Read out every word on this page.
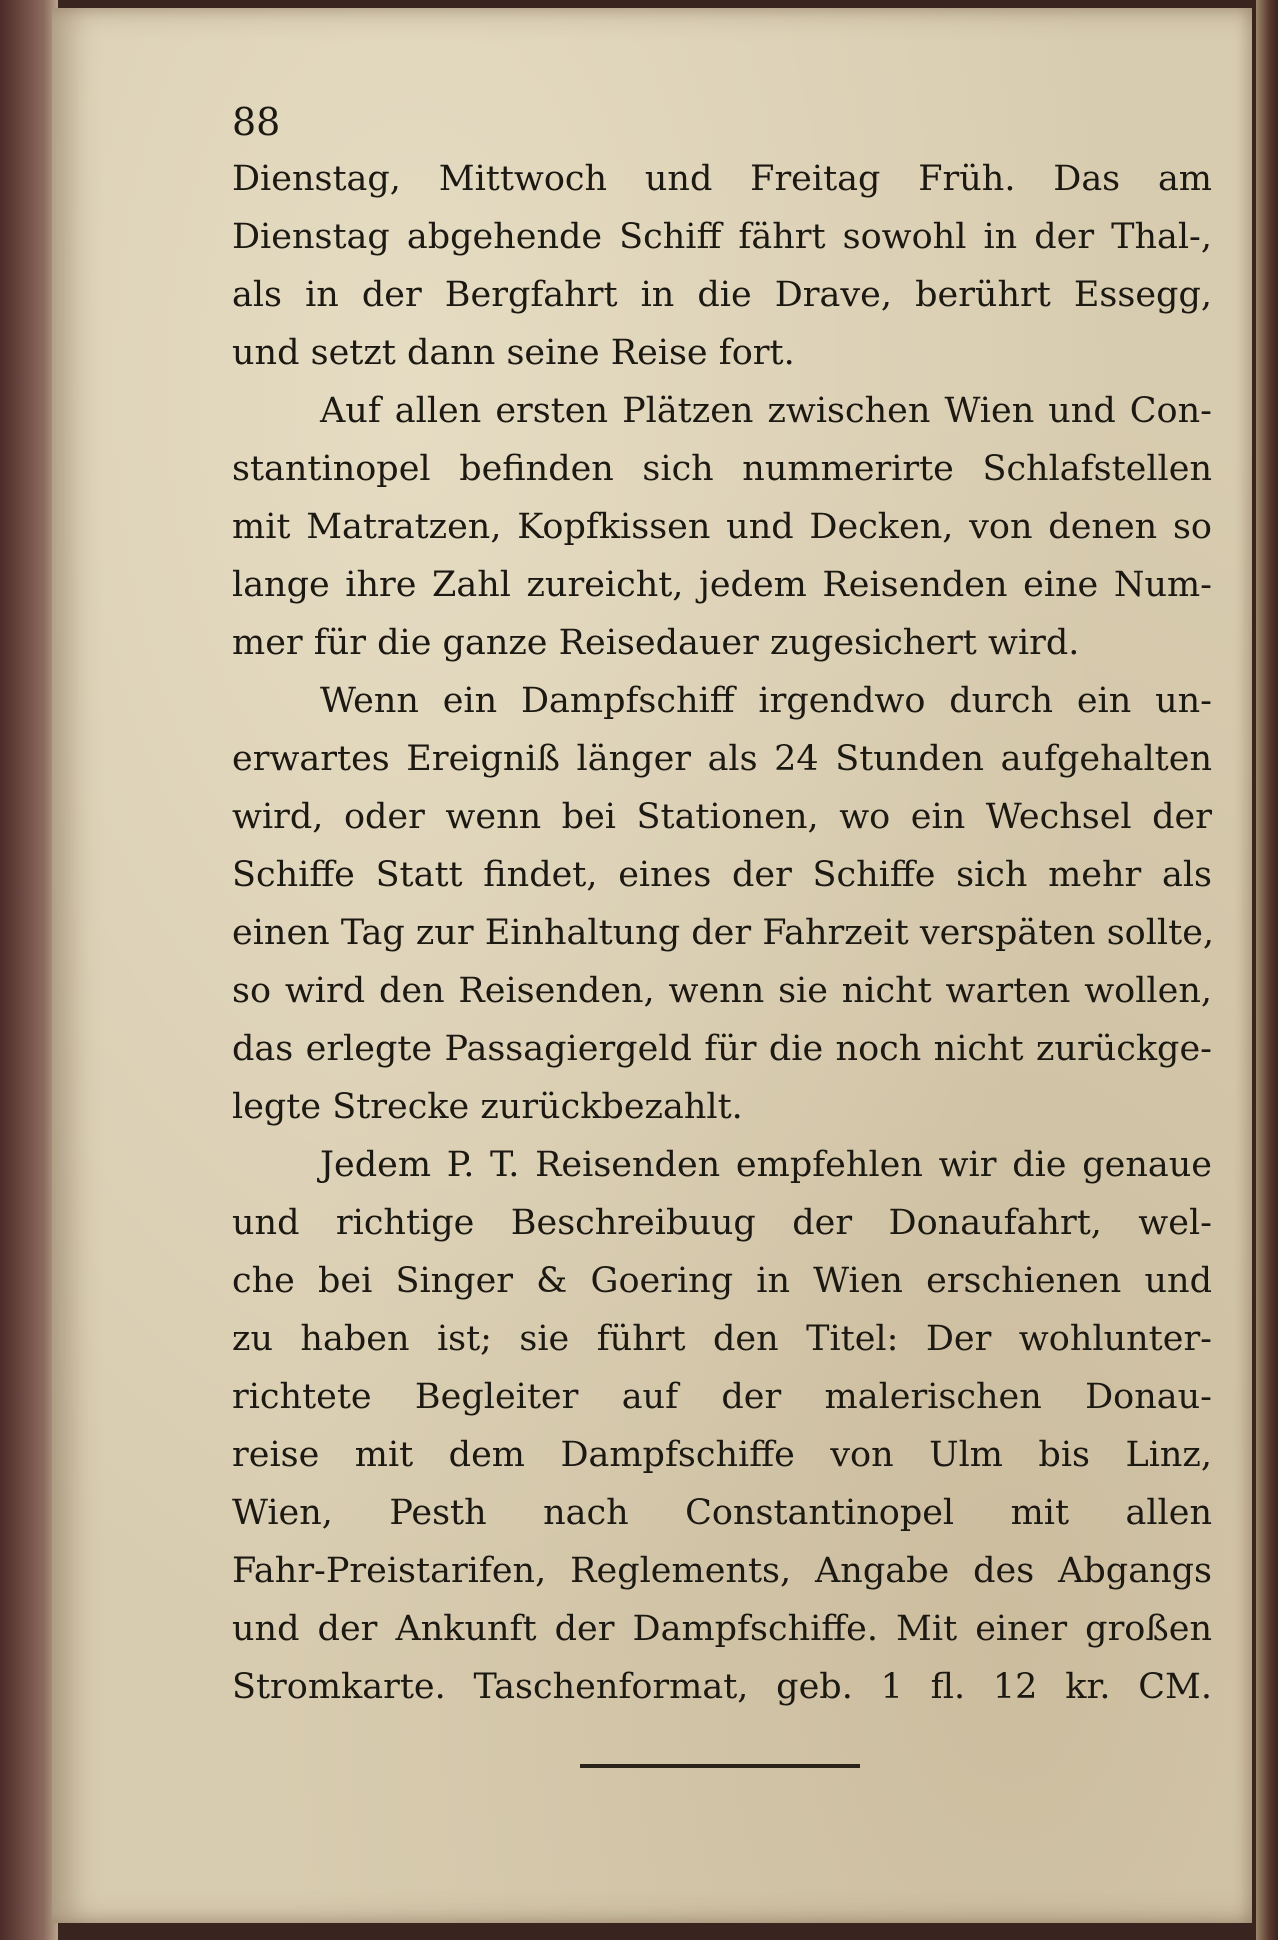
88
Dienstag, Mittwoch und Freitag Früh. Das am
Dienstag abgehende Schiff fährt sowohl in der Thal-,
als in der Bergfahrt in die Drave, berührt Essegg,
und setzt dann seine Reise fort.
Auf allen ersten Plätzen zwischen Wien und Con-
stantinopel befinden sich nummerirte Schlafstellen
mit Matratzen, Kopfkissen und Decken, von denen so
lange ihre Zahl zureicht, jedem Reisenden eine Num-
mer für die ganze Reisedauer zugesichert wird.
Wenn ein Dampfschiff irgendwo durch ein un-
erwartes Ereigniß länger als 24 Stunden aufgehalten
wird, oder wenn bei Stationen, wo ein Wechsel der
Schiffe Statt findet, eines der Schiffe sich mehr als
einen Tag zur Einhaltung der Fahrzeit verspäten sollte,
so wird den Reisenden, wenn sie nicht warten wollen,
das erlegte Passagiergeld für die noch nicht zurückge-
legte Strecke zurückbezahlt.
Jedem P. T. Reisenden empfehlen wir die genaue
und richtige Beschreibuug der Donaufahrt, wel-
che bei Singer & Goering in Wien erschienen und
zu haben ist; sie führt den Titel: Der wohlunter-
richtete Begleiter auf der malerischen Donau-
reise mit dem Dampfschiffe von Ulm bis Linz,
Wien, Pesth nach Constantinopel mit allen
Fahr-Preistarifen, Reglements, Angabe des Abgangs
und der Ankunft der Dampfschiffe. Mit einer großen
Stromkarte. Taschenformat, geb. 1 fl. 12 kr. CM.
